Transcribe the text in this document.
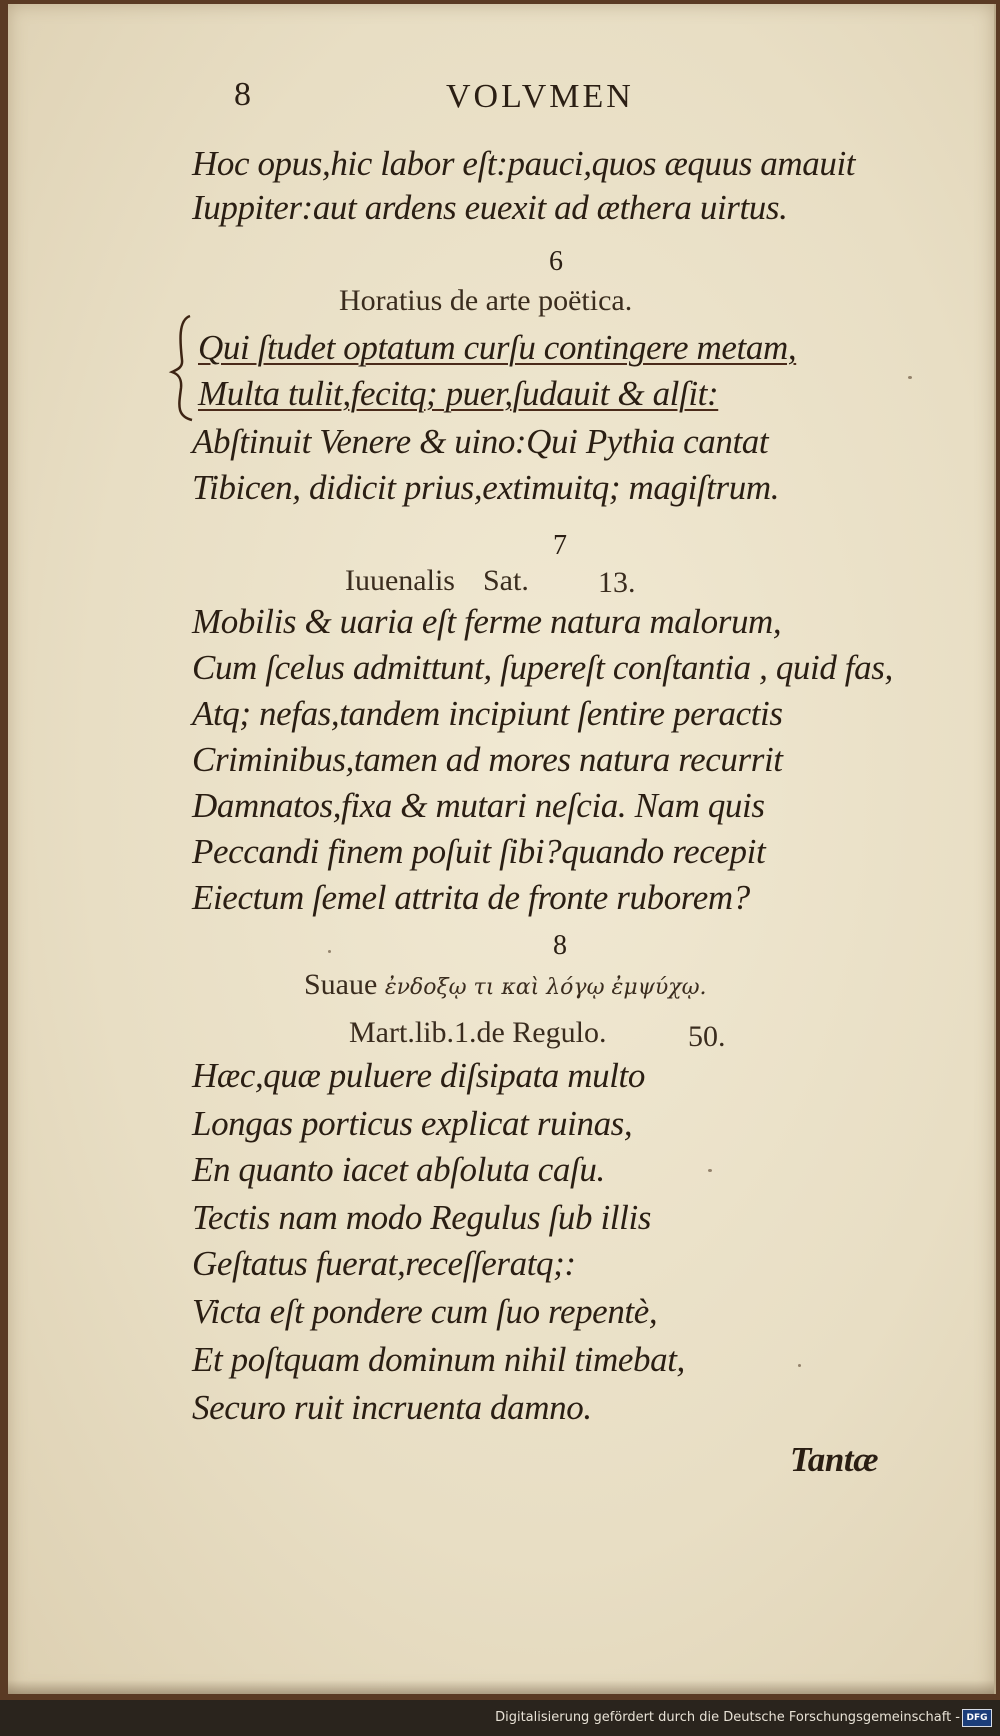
8	VOLVMEN
Hoc opus,hic labor eſt:pauci,quos æquus amauit
Iuppiter:aut ardens euexit ad æthera uirtus.
6
Horatius de arte poëtica.
Qui ſtudet optatum curſu contingere metam,
Multa tulit,fecitq; puer,ſudauit & alſit:
Abſtinuit Venere & uino:Qui Pythia cantat
Tibicen, didicit prius,extimuitq; magiſtrum.
7
Iuuenalis Sat. 13.
Mobilis & uaria eſt ferme natura malorum,
Cum ſcelus admittunt, ſupereſt conſtantia , quid fas,
Atq; nefas,tandem incipiunt ſentire peractis
Criminibus,tamen ad mores natura recurrit
Damnatos,fixa & mutari neſcia. Nam quis
Peccandi finem poſuit ſibi?quando recepit
Eiectum ſemel attrita de fronte ruborem?
8
Suaue ἐνδοξῳ τι καὶ λόγῳ ἐμψύχῳ.
Mart.lib.1.de Regulo.	50.
Hæc,quæ puluere diſsipata multo
Longas porticus explicat ruinas,
En quanto iacet abſoluta caſu.
Tectis nam modo Regulus ſub illis
Geſtatus fuerat,receſſeratq;:
Victa eſt pondere cum ſuo repentè,
Et poſtquam dominum nihil timebat,
Securo ruit incruenta damno.
Tantæ
Digitalisierung gefördert durch die Deutsche Forschungsgemeinschaft - DFG
